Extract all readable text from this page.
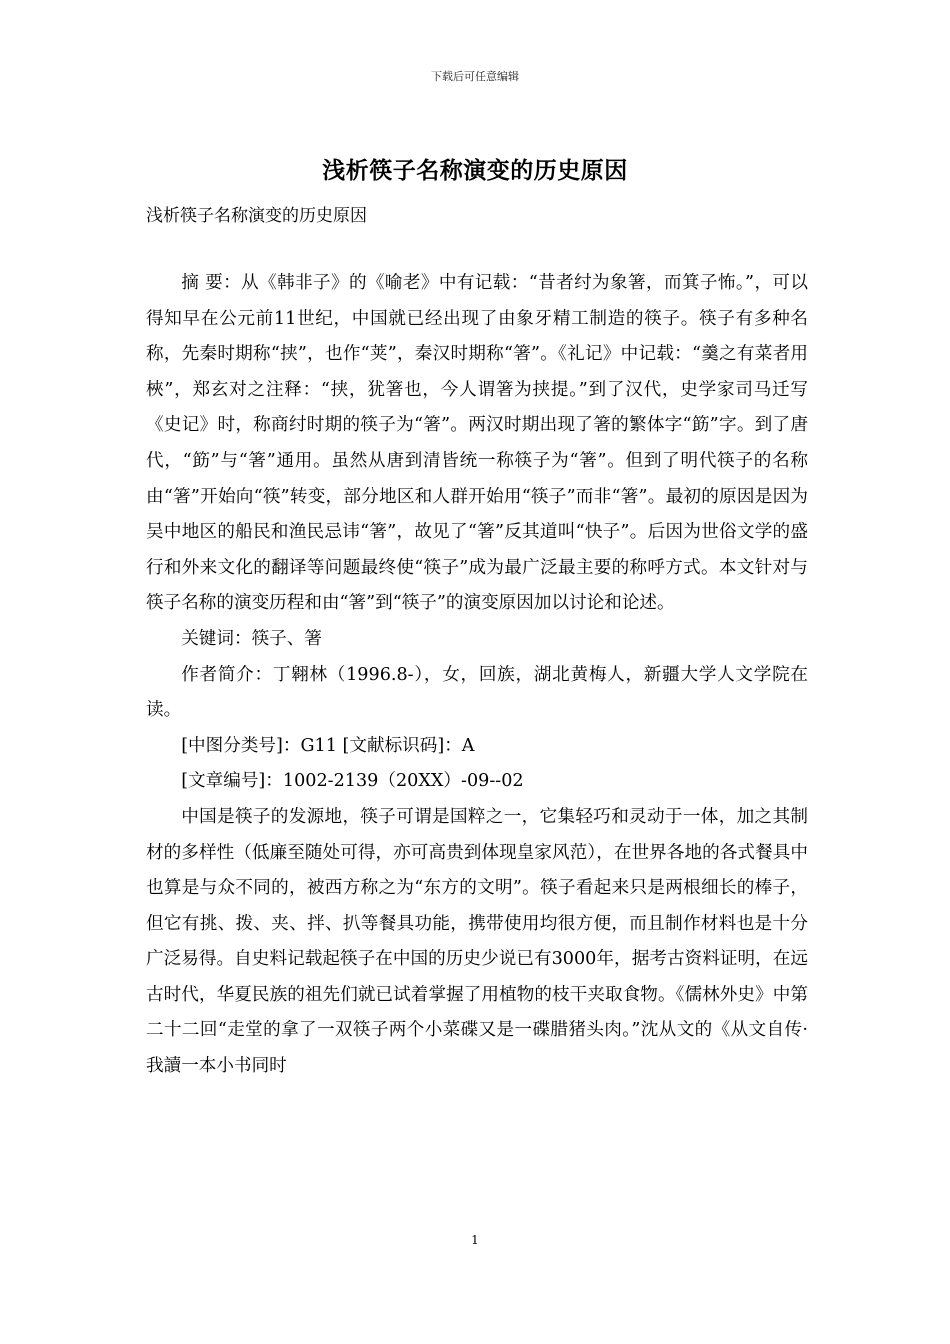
下载后可任意编辑
浅析筷子名称演变的历史原因
浅析筷子名称演变的历史原因

摘 要：从《韩非子》的《喻老》中有记载：“昔者纣为象箸，而箕子怖。”，可以得知早在公元前11世纪，中国就已经出现了由象牙精工制造的筷子。筷子有多种名称，先秦时期称“挟”，也作“荚”，秦汉时期称“箸”。《礼记》中记载：“羹之有菜者用梜”，郑玄对之注释：“挟，犹箸也，今人谓箸为挟提。”到了汉代，史学家司马迁写《史记》时，称商纣时期的筷子为“箸”。两汉时期出现了箸的繁体字“筯”字。到了唐代，“筯”与“箸”通用。虽然从唐到清皆统一称筷子为“箸”。但到了明代筷子的名称由“箸”开始向“筷”转变，部分地区和人群开始用“筷子”而非“箸”。最初的原因是因为吴中地区的船民和渔民忌讳“箸”，故见了“箸”反其道叫“快子”。后因为世俗文学的盛行和外来文化的翻译等问题最终使“筷子”成为最广泛最主要的称呼方式。本文针对与筷子名称的演变历程和由“箸”到“筷子”的演变原因加以讨论和论述。

关键词：筷子、箸

作者简介：丁翱林（1996.8-），女，回族，湖北黄梅人，新疆大学人文学院在读。

[中图分类号]：G11 [文献标识码]：A

[文章编号]：1002-2139（20XX）-09--02

中国是筷子的发源地，筷子可谓是国粹之一，它集轻巧和灵动于一体，加之其制材的多样性（低廉至随处可得，亦可高贵到体现皇家风范），在世界各地的各式餐具中也算是与众不同的，被西方称之为“东方的文明”。筷子看起来只是两根细长的棒子，但它有挑、拨、夹、拌、扒等餐具功能，携带使用均很方便，而且制作材料也是十分广泛易得。自史料记载起筷子在中国的历史少说已有3000年，据考古资料证明，在远古时代，华夏民族的祖先们就已试着掌握了用植物的枝干夹取食物。《儒林外史》中第二十二回“走堂的拿了一双筷子两个小菜碟又是一碟腊猪头肉。”沈从文的《从文自传·我讀一本小书同时

1
